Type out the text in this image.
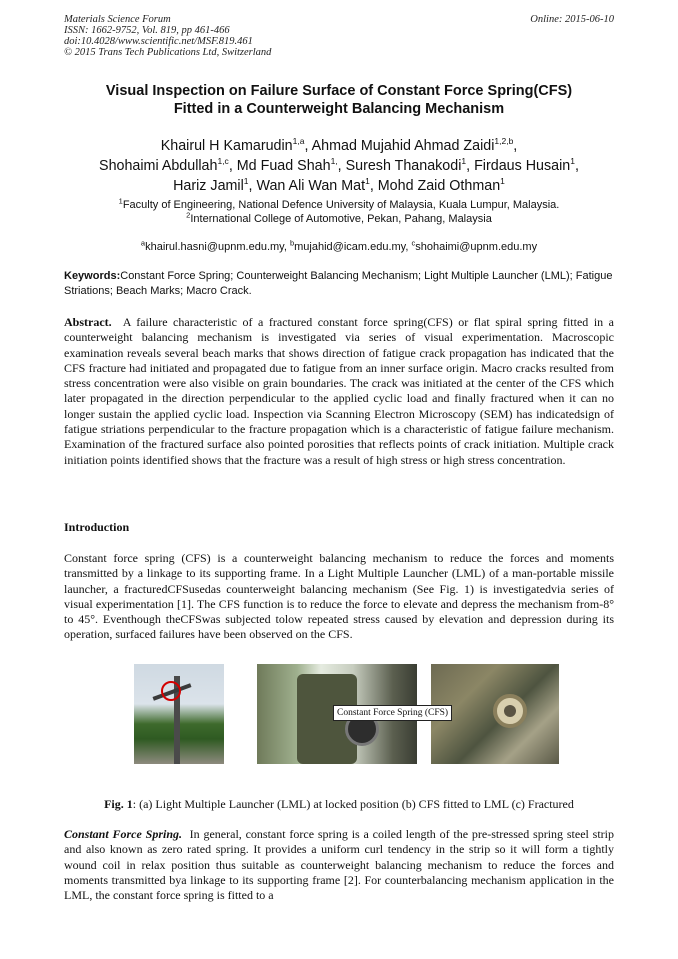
Materials Science Forum
ISSN: 1662-9752, Vol. 819, pp 461-466
doi:10.4028/www.scientific.net/MSF.819.461
© 2015 Trans Tech Publications Ltd, Switzerland
Online: 2015-06-10
Visual Inspection on Failure Surface of Constant Force Spring(CFS)
Fitted in a Counterweight Balancing Mechanism
Khairul H Kamarudin$^{1,a}$, Ahmad Mujahid Ahmad Zaidi$^{1,2,b}$,
Shohaimi Abdullah$^{1,c}$, Md Fuad Shah$^{1,}$, Suresh Thanakodi$^1$, Firdaus Husain$^1$,
Hariz Jamil$^1$, Wan Ali Wan Mat$^1$, Mohd Zaid Othman$^1$
$^1$Faculty of Engineering, National Defence University of Malaysia, Kuala Lumpur, Malaysia.
$^2$International College of Automotive, Pekan, Pahang, Malaysia
$^a$khairul.hasni@upnm.edu.my, $^b$mujahid@icam.edu.my, $^c$shohaimi@upnm.edu.my
Keywords:Constant Force Spring; Counterweight Balancing Mechanism; Light Multiple Launcher (LML); Fatigue Striations; Beach Marks; Macro Crack.
Abstract. A failure characteristic of a fractured constant force spring(CFS) or flat spiral spring fitted in a counterweight balancing mechanism is investigated via series of visual experimentation. Macroscopic examination reveals several beach marks that shows direction of fatigue crack propagation has indicated that the CFS fracture had initiated and propagated due to fatigue from an inner surface origin. Macro cracks resulted from stress concentration were also visible on grain boundaries. The crack was initiated at the center of the CFS which later propagated in the direction perpendicular to the applied cyclic load and finally fractured when it can no longer sustain the applied cyclic load. Inspection via Scanning Electron Microscopy (SEM) has indicatedsign of fatigue striations perpendicular to the fracture propagation which is a characteristic of fatigue failure mechanism. Examination of the fractured surface also pointed porosities that reflects points of crack initiation. Multiple crack initiation points identified shows that the fracture was a result of high stress or high stress concentration.
Introduction
Constant force spring (CFS) is a counterweight balancing mechanism to reduce the forces and moments transmitted by a linkage to its supporting frame. In a Light Multiple Launcher (LML) of a man-portable missile launcher, a fracturedCFSusedas counterweight balancing mechanism (See Fig. 1) is investigatedvia series of visual experimentation [1]. The CFS function is to reduce the force to elevate and depress the mechanism from-8° to 45°. Eventhough theCFSwas subjected tolow repeated stress caused by elevation and depression during its operation, surfaced failures have been observed on the CFS.
Constant Force Spring (CFS)
Fig. 1: (a) Light Multiple Launcher (LML) at locked position (b) CFS fitted to LML (c) Fractured
Constant Force Spring. In general, constant force spring is a coiled length of the pre-stressed spring steel strip and also known as zero rated spring. It provides a uniform curl tendency in the strip so it will form a tightly wound coil in relax position thus suitable as counterweight balancing mechanism to reduce the forces and moments transmitted bya linkage to its supporting frame [2]. For counterbalancing mechanism application in the LML, the constant force spring is fitted to a
